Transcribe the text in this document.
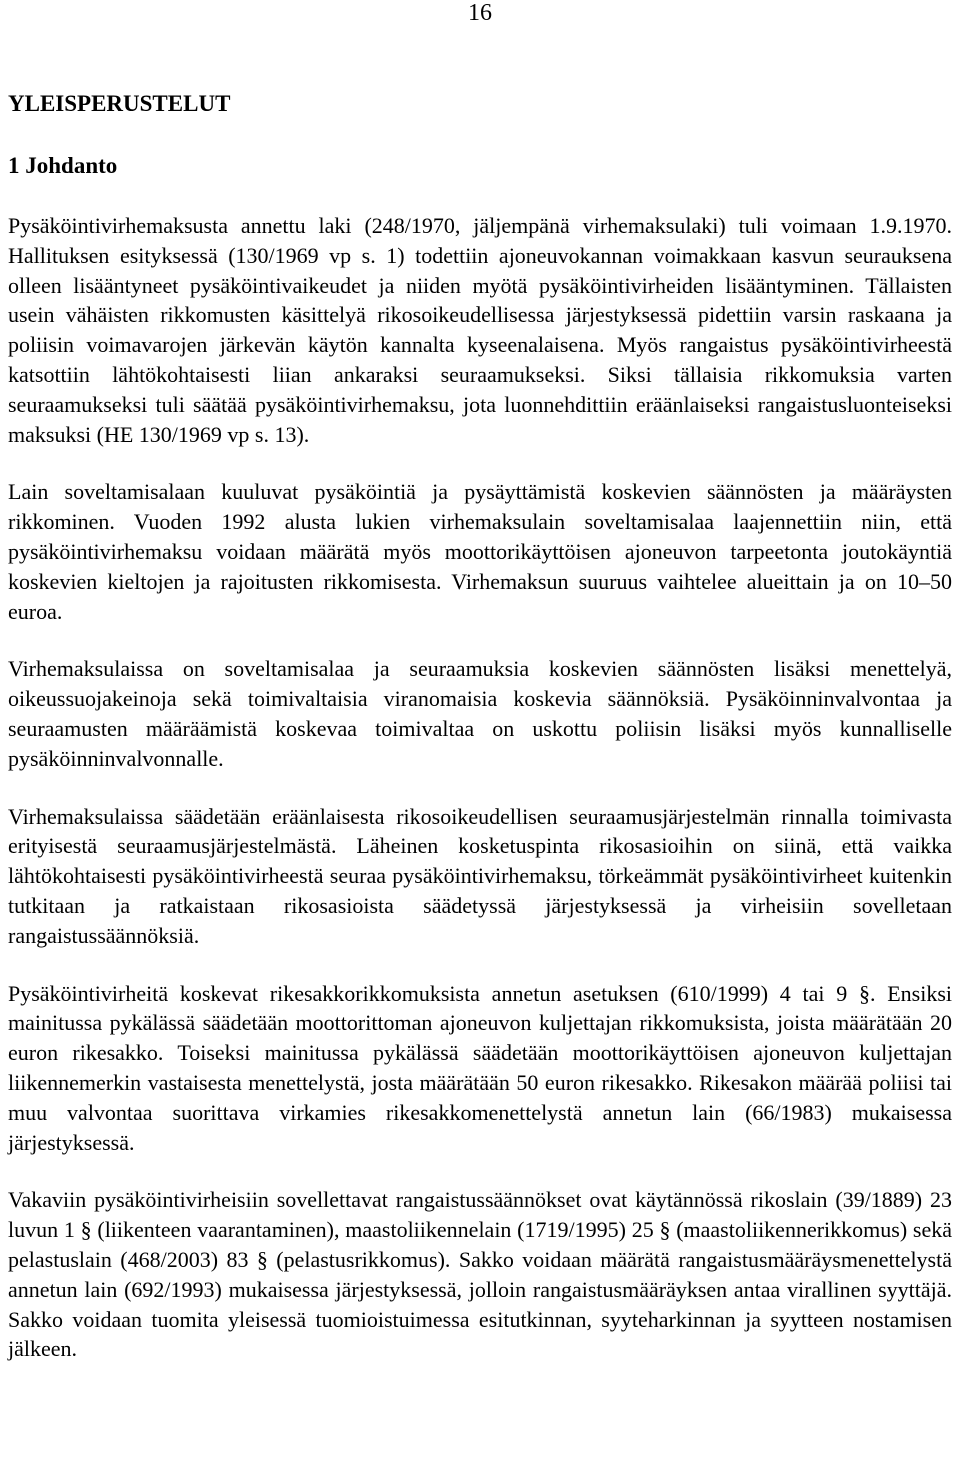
16
YLEISPERUSTELUT
1 Johdanto

Pysäköintivirhemaksusta annettu laki (248/1970, jäljempänä virhemaksulaki) tuli voimaan 1.9.1970. Hallituksen esityksessä (130/1969 vp s. 1) todettiin ajoneuvokannan voimakkaan kasvun seurauksena olleen lisääntyneet pysäköintivaikeudet ja niiden myötä pysäköintivirheiden lisääntyminen. Tällaisten usein vähäisten rikkomusten käsittelyä rikosoikeudellisessa järjestyksessä pidettiin varsin raskaana ja poliisin voimavarojen järkevän käytön kannalta kyseenalaisena. Myös rangaistus pysäköintivirheestä katsottiin lähtökohtaisesti liian ankaraksi seuraamukseksi. Siksi tällaisia rikkomuksia varten seuraamukseksi tuli säätää pysäköintivirhemaksu, jota luonnehdittiin eräänlaiseksi rangaistusluonteiseksi maksuksi (HE 130/1969 vp s. 13).

Lain soveltamisalaan kuuluvat pysäköintiä ja pysäyttämistä koskevien säännösten ja määräysten rikkominen. Vuoden 1992 alusta lukien virhemaksulain soveltamisalaa laajennettiin niin, että pysäköintivirhemaksu voidaan määrätä myös moottorikäyttöisen ajoneuvon tarpeetonta joutokäyntiä koskevien kieltojen ja rajoitusten rikkomisesta. Virhemaksun suuruus vaihtelee alueittain ja on 10–50 euroa.

Virhemaksulaissa on soveltamisalaa ja seuraamuksia koskevien säännösten lisäksi menettelyä, oikeussuojakeinoja sekä toimivaltaisia viranomaisia koskevia säännöksiä. Pysäköinninvalvontaa ja seuraamusten määräämistä koskevaa toimivaltaa on uskottu poliisin lisäksi myös kunnalliselle pysäköinninvalvonnalle.

Virhemaksulaissa säädetään eräänlaisesta rikosoikeudellisen seuraamusjärjestelmän rinnalla toimivasta erityisestä seuraamusjärjestelmästä. Läheinen kosketuspinta rikosasioihin on siinä, että vaikka lähtökohtaisesti pysäköintivirheestä seuraa pysäköintivirhemaksu, törkeämmät pysäköintivirheet kuitenkin tutkitaan ja ratkaistaan rikosasioista säädetyssä järjestyksessä ja virheisiin sovelletaan rangaistussäännöksiä.

Pysäköintivirheitä koskevat rikesakkorikkomuksista annetun asetuksen (610/1999) 4 tai 9 §. Ensiksi mainitussa pykälässä säädetään moottorittoman ajoneuvon kuljettajan rikkomuksista, joista määrätään 20 euron rikesakko. Toiseksi mainitussa pykälässä säädetään moottorikäyttöisen ajoneuvon kuljettajan liikennemerkin vastaisesta menettelystä, josta määrätään 50 euron rikesakko. Rikesakon määrää poliisi tai muu valvontaa suorittava virkamies rikesakkomenettelystä annetun lain (66/1983) mukaisessa järjestyksessä.

Vakaviin pysäköintivirheisiin sovellettavat rangaistussäännökset ovat käytännössä rikoslain (39/1889) 23 luvun 1 § (liikenteen vaarantaminen), maastoliikennelain (1719/1995) 25 § (maastoliikennerikkomus) sekä pelastuslain (468/2003) 83 § (pelastusrikkomus). Sakko voidaan määrätä rangaistusmääräysmenettelystä annetun lain (692/1993) mukaisessa järjestyksessä, jolloin rangaistusmääräyksen antaa virallinen syyttäjä. Sakko voidaan tuomita yleisessä tuomioistuimessa esitutkinnan, syyteharkinnan ja syytteen nostamisen jälkeen.
